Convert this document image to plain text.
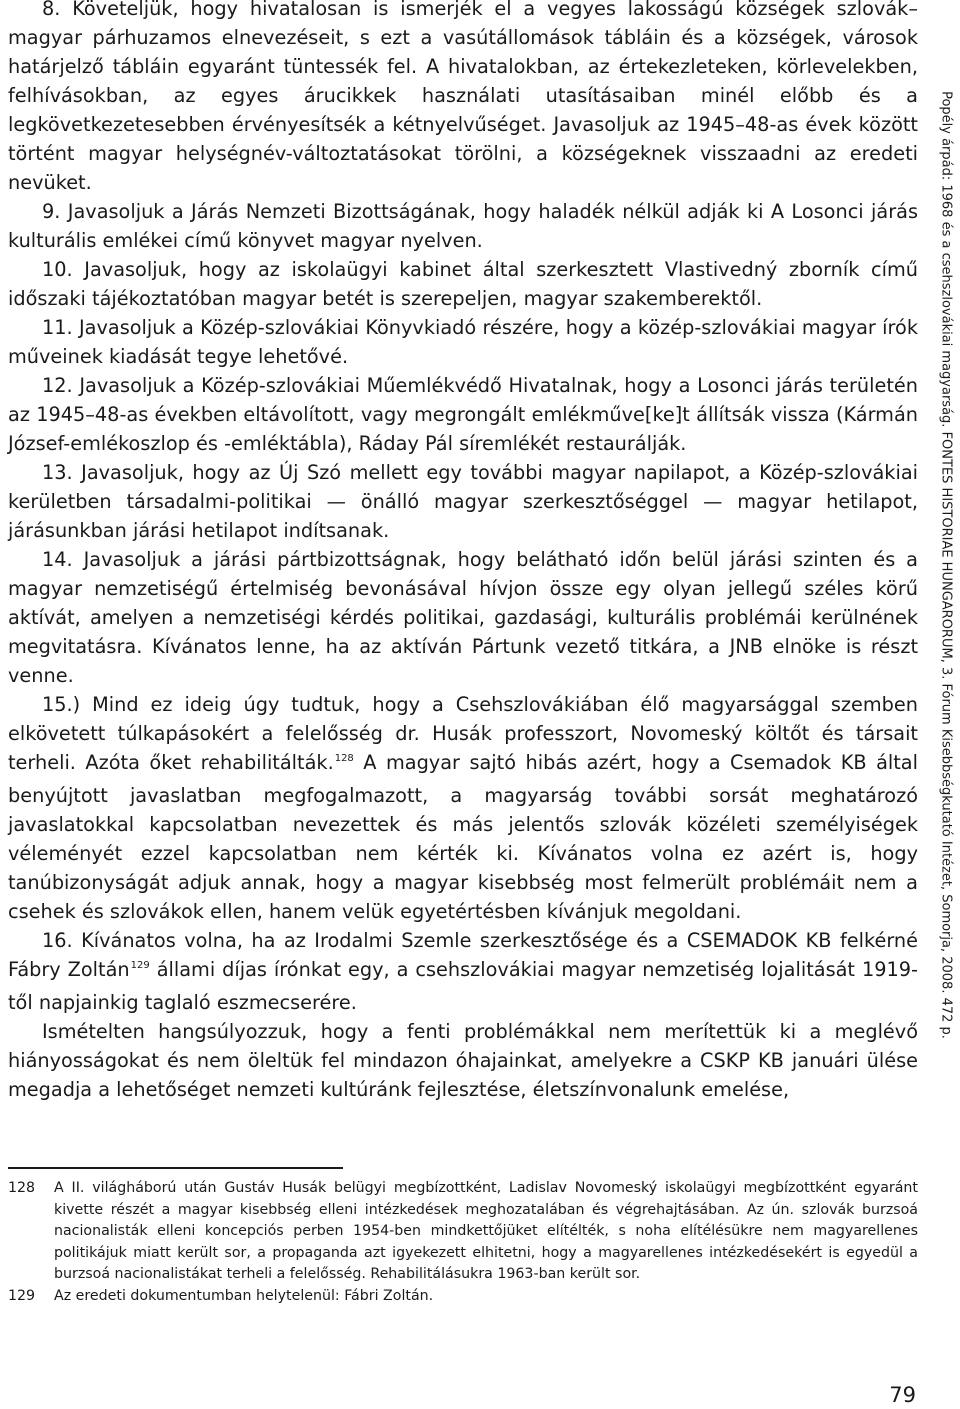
8. Követeljük, hogy hivatalosan is ismerjék el a vegyes lakosságú községek szlovák–magyar párhuzamos elnevezéseit, s ezt a vasútállomások tábláin és a községek, városok határjelző tábláin egyaránt tüntessék fel. A hivatalokban, az értekezleteken, körlevelekben, felhívásokban, az egyes árucikkek használati utasításaiban minél előbb és a legkövetkezetesebben érvényesítsék a kétnyelvűséget. Javasoljuk az 1945–48-as évek között történt magyar helységnév-változtatásokat törölni, a községeknek visszaadni az eredeti nevüket.

9. Javasoljuk a Járás Nemzeti Bizottságának, hogy haladék nélkül adják ki A Losonci járás kulturális emlékei című könyvet magyar nyelven.

10. Javasoljuk, hogy az iskolaügyi kabinet által szerkesztett Vlastivedný zborník című időszaki tájékoztatóban magyar betét is szerepeljen, magyar szakemberektől.

11. Javasoljuk a Közép-szlovákiai Könyvkiadó részére, hogy a közép-szlovákiai magyar írók műveinek kiadását tegye lehetővé.

12. Javasoljuk a Közép-szlovákiai Műemlékvédő Hivatalnak, hogy a Losonci járás területén az 1945–48-as években eltávolított, vagy megrongált emlékműve[ke]t állítsák vissza (Kármán József-emlékoszlop és -emléktábla), Ráday Pál síremlékét restaurálják.

13. Javasoljuk, hogy az Új Szó mellett egy további magyar napilapot, a Közép-szlovákiai kerületben társadalmi-politikai — önálló magyar szerkesztőséggel — magyar hetilapot, járásunkban járási hetilapot indítsanak.

14. Javasoljuk a járási pártbizottságnak, hogy belátható időn belül járási szinten és a magyar nemzetiségű értelmiség bevonásával hívjon össze egy olyan jellegű széles körű aktívát, amelyen a nemzetiségi kérdés politikai, gazdasági, kulturális problémái kerülnének megvitatásra. Kívánatos lenne, ha az aktíván Pártunk vezető titkára, a JNB elnöke is részt venne.

15.) Mind ez ideig úgy tudtuk, hogy a Csehszlovákiában élő magyarsággal szemben elkövetett túlkapásokért a felelősség dr. Husák professzort, Novomeský költőt és társait terheli. Azóta őket rehabilitálták.$^{128}$ A magyar sajtó hibás azért, hogy a Csemadok KB által benyújtott javaslatban megfogalmazott, a magyarság további sorsát meghatározó javaslatokkal kapcsolatban nevezettek és más jelentős szlovák közéleti személyiségek véleményét ezzel kapcsolatban nem kérték ki. Kívánatos volna ez azért is, hogy tanúbizonyságát adjuk annak, hogy a magyar kisebbség most felmerült problémáit nem a csehek és szlovákok ellen, hanem velük egyetértésben kívánjuk megoldani.

16. Kívánatos volna, ha az Irodalmi Szemle szerkesztősége és a CSEMADOK KB felkérné Fábry Zoltán$^{129}$ állami díjas írónkat egy, a csehszlovákiai magyar nemzetiség lojalitását 1919-től napjainkig taglaló eszmecserére.

Ismételten hangsúlyozzuk, hogy a fenti problémákkal nem merítettük ki a meglévő hiányosságokat és nem öleltük fel mindazon óhajainkat, amelyekre a CSKP KB januári ülése megadja a lehetőséget nemzeti kultúránk fejlesztése, életszínvonalunk emelése,

128	A II. világháború után Gustáv Husák belügyi megbízottként, Ladislav Novomeský iskolaügyi megbízottként egyaránt kivette részét a magyar kisebbség elleni intézkedések meghozatalában és végrehajtásában. Az ún. szlovák burzsoá nacionalisták elleni koncepciós perben 1954-ben mindkettőjüket elítélték, s noha elítélésükre nem magyarellenes politikájuk miatt került sor, a propaganda azt igyekezett elhitetni, hogy a magyarellenes intézkedésekért is egyedül a burzsoá nacionalistákat terheli a felelősség. Rehabilitálásukra 1963-ban került sor.
129	Az eredeti dokumentumban helytelenül: Fábri Zoltán.
Popély árpád: 1968 és a csehszlovákiai magyarság. FONTES HISTORIAE HUNGARORUM, 3. Fórum Kisebbségkutató Intézet, Somorja, 2008. 472 p.
79
